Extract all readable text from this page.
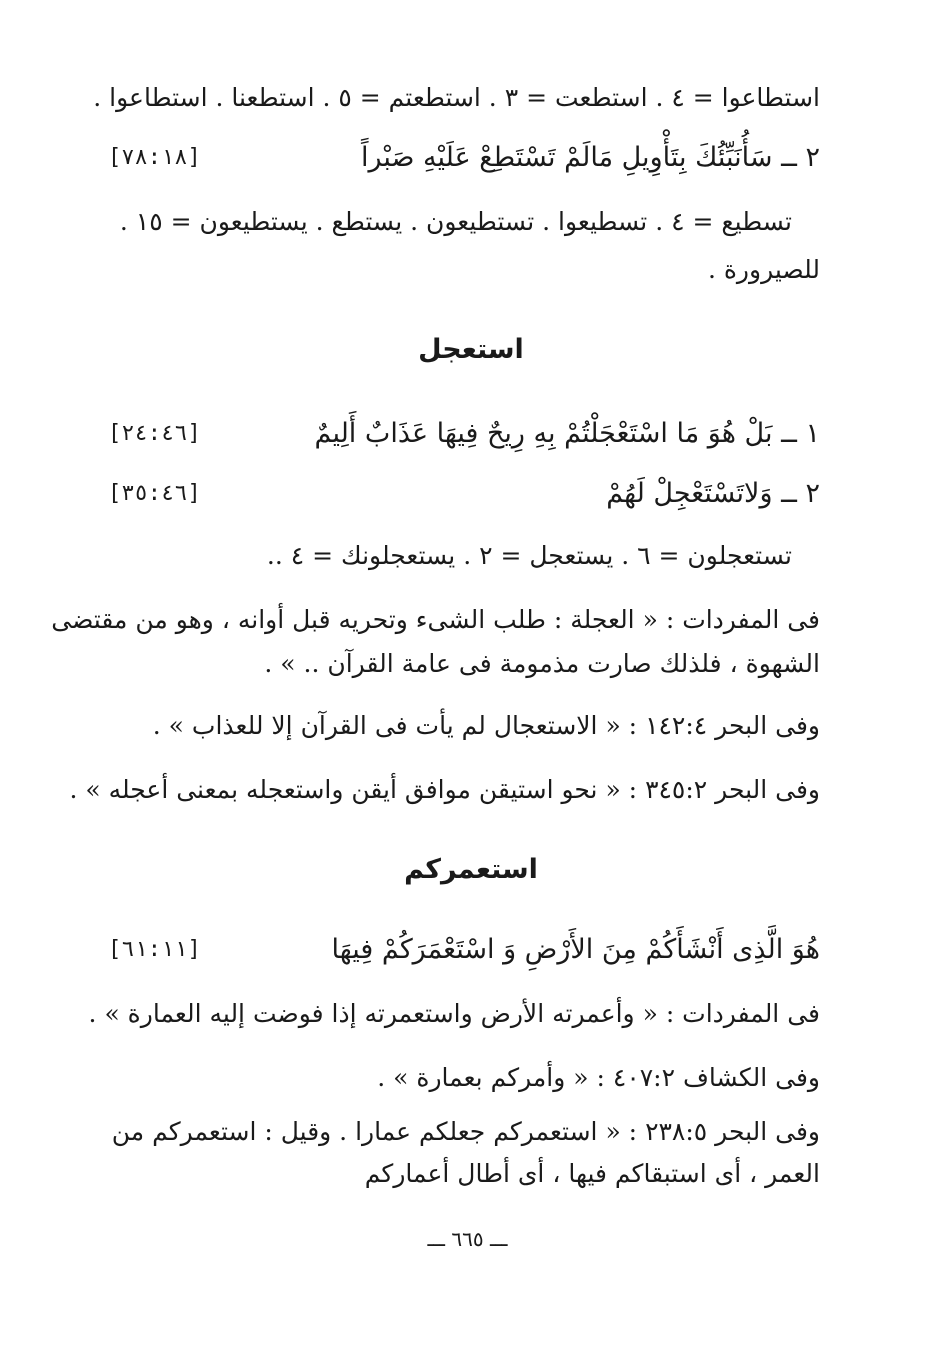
استطاعوا = ٤ . استطعت = ٣ . استطعتم = ٥ . استطعنا . استطاعوا .
٢ ــ سَأُنَبِّئُكَ بِتَأْوِيلِ مَالَمْ تَسْتَطِعْ عَلَيْهِ صَبْراً
[٧٨:١٨]
تسطيع = ٤ . تسطيعوا . تستطيعون . يستطع . يستطيعون = ١٥ .
للصيرورة .
استعجل
١ ــ بَلْ هُوَ مَا اسْتَعْجَلْتُمْ بِهِ رِيحٌ فِيهَا عَذَابٌ أَلِيمٌ
[٢٤:٤٦]
٢ ــ وَلاتَسْتَعْجِلْ لَهُمْ
[٣٥:٤٦]
تستعجلون = ٦ . يستعجل = ٢ . يستعجلونك = ٤ ..
فى المفردات : « العجلة : طلب الشىء وتحريه قبل أوانه ، وهو من مقتضى
الشهوة ، فلذلك صارت مذمومة فى عامة القرآن .. » .
وفى البحر ١٤٢:٤ : « الاستعجال لم يأت فى القرآن إلا للعذاب » .
وفى البحر ٣٤٥:٢ : « نحو استيقن موافق أيقن واستعجله بمعنى أعجله » .
استعمركم
هُوَ الَّذِى أَنْشَأَكُمْ مِنَ الأَرْضِ وَ اسْتَعْمَرَكُمْ فِيهَا
[٦١:١١]
فى المفردات : « وأعمرته الأرض واستعمرته إذا فوضت إليه العمارة » .
وفى الكشاف ٤٠٧:٢ : « وأمركم بعمارة » .
وفى البحر ٢٣٨:٥ : « استعمركم جعلكم عمارا . وقيل : استعمركم من
العمر ، أى استبقاكم فيها ، أى أطال أعماركم
ـــ ٦٦٥ ـــ
